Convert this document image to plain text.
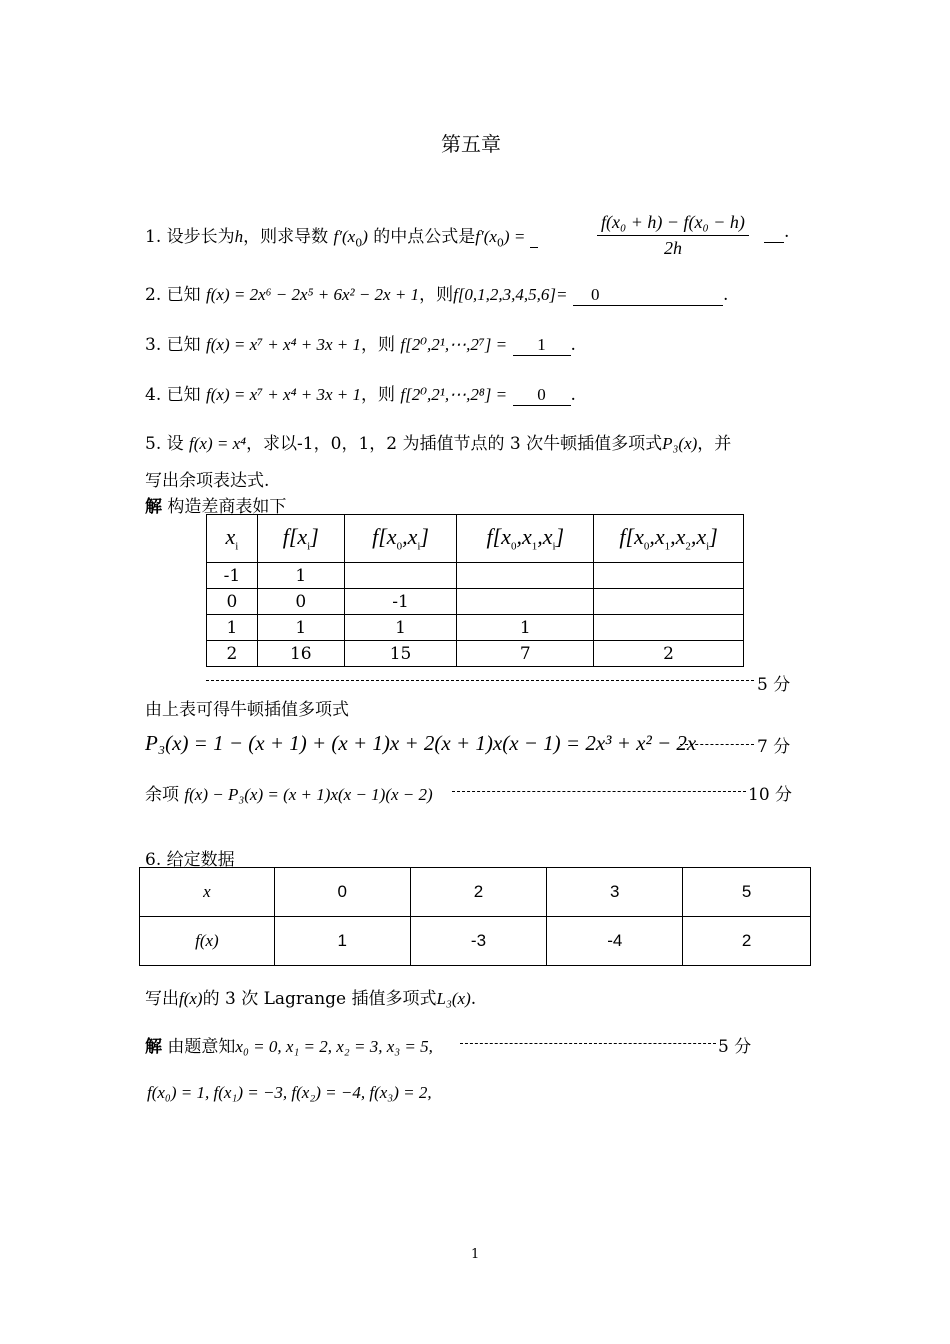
第五章
1. 设步长为h，则求导数 $f'(x_0)$ 的中点公式是$f'(x_0)$ =	$\frac{\text{f(x₀ + h) − f(x₀ − h)}}{2h}$	.
2. 已知 f(x) = 2x⁶ − 2x⁵ + 6x² − 2x + 1，则f[0,1,2,3,4,5,6]= 0	.
3. 已知 f(x) = x⁷ + x⁴ + 3x + 1，则 f[2⁰,2¹,⋯,2⁷] = 1 .
4. 已知 f(x) = x⁷ + x⁴ + 3x + 1，则 f[2⁰,2¹,⋯,2⁸] = 0 .
5. 设 f(x) = x⁴，求以-1，0，1，2 为插值节点的 3 次牛顿插值多项式P₃(x)，并
写出余项表达式.
解 构造差商表如下
$x_i$	$f[x_i]$	$f[x_0,x_i]$	$f[x_0,x_1,x_i]$	$f[x_0,x_1,x_2,x_i]$
-1	1			
0	0	-1		
1	1	1	1	
2	16	15	7	2
5 分
由上表可得牛顿插值多项式
P₃(x) = 1 − (x + 1) + (x + 1)x + 2(x + 1)x(x − 1) = 2x³ + x² − 2x	7 分
余项 f(x) − P₃(x) = (x + 1)x(x − 1)(x − 2)	10 分
6. 给定数据
x	0	2	3	5
f(x)	1	-3	-4	2
写出f(x)的 3 次 Lagrange 插值多项式L₃(x).
解 由题意知x₀ = 0, x₁ = 2, x₂ = 3, x₃ = 5,	5 分
f(x₀) = 1, f(x₁) = −3, f(x₂) = −4, f(x₃) = 2,
1
